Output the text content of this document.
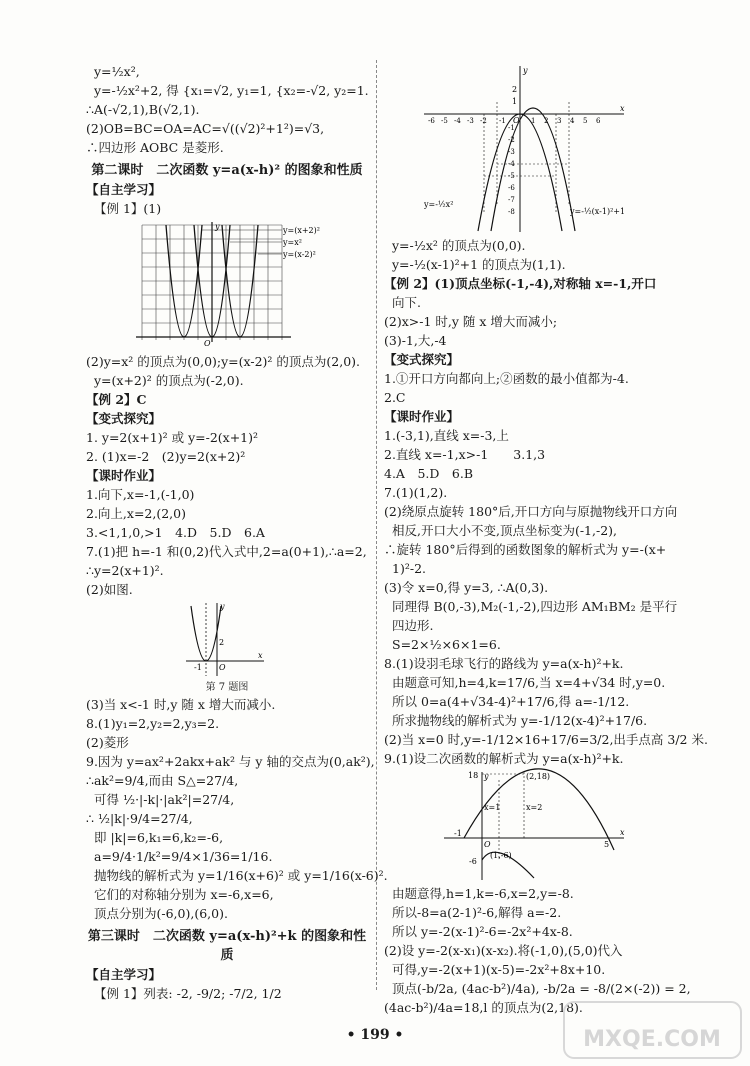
y=½x²,
y=-½x²+2, 得 {x₁=√2, y₁=1, {x₂=-√2, y₂=1.
∴A(-√2,1),B(√2,1).
(2)OB=BC=OA=AC=√((√2)²+1²)=√3,
∴四边形 AOBC 是菱形.
第二课时　二次函数 y=a(x-h)² 的图象和性质
【自主学习】
【例 1】(1)
y=(x+2)²
y=x²
y=(x-2)²
y
O
(2)y=x² 的顶点为(0,0);y=(x-2)² 的顶点为(2,0).
y=(x+2)² 的顶点为(-2,0).
【例 2】C
【变式探究】
1. y=2(x+1)² 或 y=-2(x+1)²
2. (1)x=-2　(2)y=2(x+2)²
【课时作业】
1.向下,x=-1,(-1,0)
2.向上,x=2,(2,0)
3.<1,1,0,>1　4.D　5.D　6.A
7.(1)把 h=-1 和(0,2)代入式中,2=a(0+1),∴a=2,
∴y=2(x+1)².
(2)如图.
y
2
-1 O
x
第 7 题图
(3)当 x<-1 时,y 随 x 增大而减小.
8.(1)y₁=2,y₂=2,y₃=2.
(2)菱形
9.因为 y=ax²+2akx+ak² 与 y 轴的交点为(0,ak²),
∴ak²=9/4,而由 S△=27/4,
可得 ½·|-k|·|ak²|=27/4,
∴ ½|k|·9/4=27/4,
即 |k|=6,k₁=6,k₂=-6,
a=9/4·1/k²=9/4×1/36=1/16.
抛物线的解析式为 y=1/16(x+6)² 或 y=1/16(x-6)².
它们的对称轴分别为 x=-6,x=6,
顶点分别为(-6,0),(6,0).
第三课时　二次函数 y=a(x-h)²+k 的图象和性质
【自主学习】
【例 1】列表: -2, -9/2; -7/2, 1/2
y
2
1
O
x
-6 -5 -4 -3 -2 -1	1 2 3 4 5 6
-1
-2
-3
-4
-5
-6
-7
-8
y=-½x²
y=-½(x-1)²+1
y=-½x² 的顶点为(0,0).
y=-½(x-1)²+1 的顶点为(1,1).
【例 2】(1)顶点坐标(-1,-4),对称轴 x=-1,开口
向下.
(2)x>-1 时,y 随 x 增大而减小;
(3)-1,大,-4
【变式探究】
1.①开口方向都向上;②函数的最小值都为-4.
2.C
【课时作业】
1.(-3,1),直线 x=-3,上
2.直线 x=-1,x>-1　　3.1,3
4.A　5.D　6.B
7.(1)(1,2).
(2)绕原点旋转 180°后,开口方向与原抛物线开口方向
相反,开口大小不变,顶点坐标变为(-1,-2),
∴旋转 180°后得到的函数图象的解析式为 y=-(x+
1)²-2.
(3)令 x=0,得 y=3, ∴A(0,3).
同理得 B(0,-3),M₂(-1,-2),四边形 AM₁BM₂ 是平行
四边形.
S=2×½×6×1=6.
8.(1)设羽毛球飞行的路线为 y=a(x-h)²+k.
由题意可知,h=4,k=17/6,当 x=4+√34 时,y=0.
所以 0=a(4+√34-4)²+17/6,得 a=-1/12.
所求抛物线的解析式为 y=-1/12(x-4)²+17/6.
(2)当 x=0 时,y=-1/12×16+17/6=3/2,出手点高 3/2 米.
9.(1)设二次函数的解析式为 y=a(x-h)²+k.
y	(2,18)
18
x=1	x=2
-1
O	5
x
(1,-6)
-6
由题意得,h=1,k=-6,x=2,y=-8.
所以-8=a(2-1)²-6,解得 a=-2.
所以 y=-2(x-1)²-6=-2x²+4x-8.
(2)设 y=-2(x-x₁)(x-x₂).将(-1,0),(5,0)代入
可得,y=-2(x+1)(x-5)=-2x²+8x+10.
顶点(-b/2a, (4ac-b²)/4a), -b/2a = -8/(2×(-2)) = 2,
(4ac-b²)/4a=18,l 的顶点为(2,18).
• 199 •	MXQE.COM
